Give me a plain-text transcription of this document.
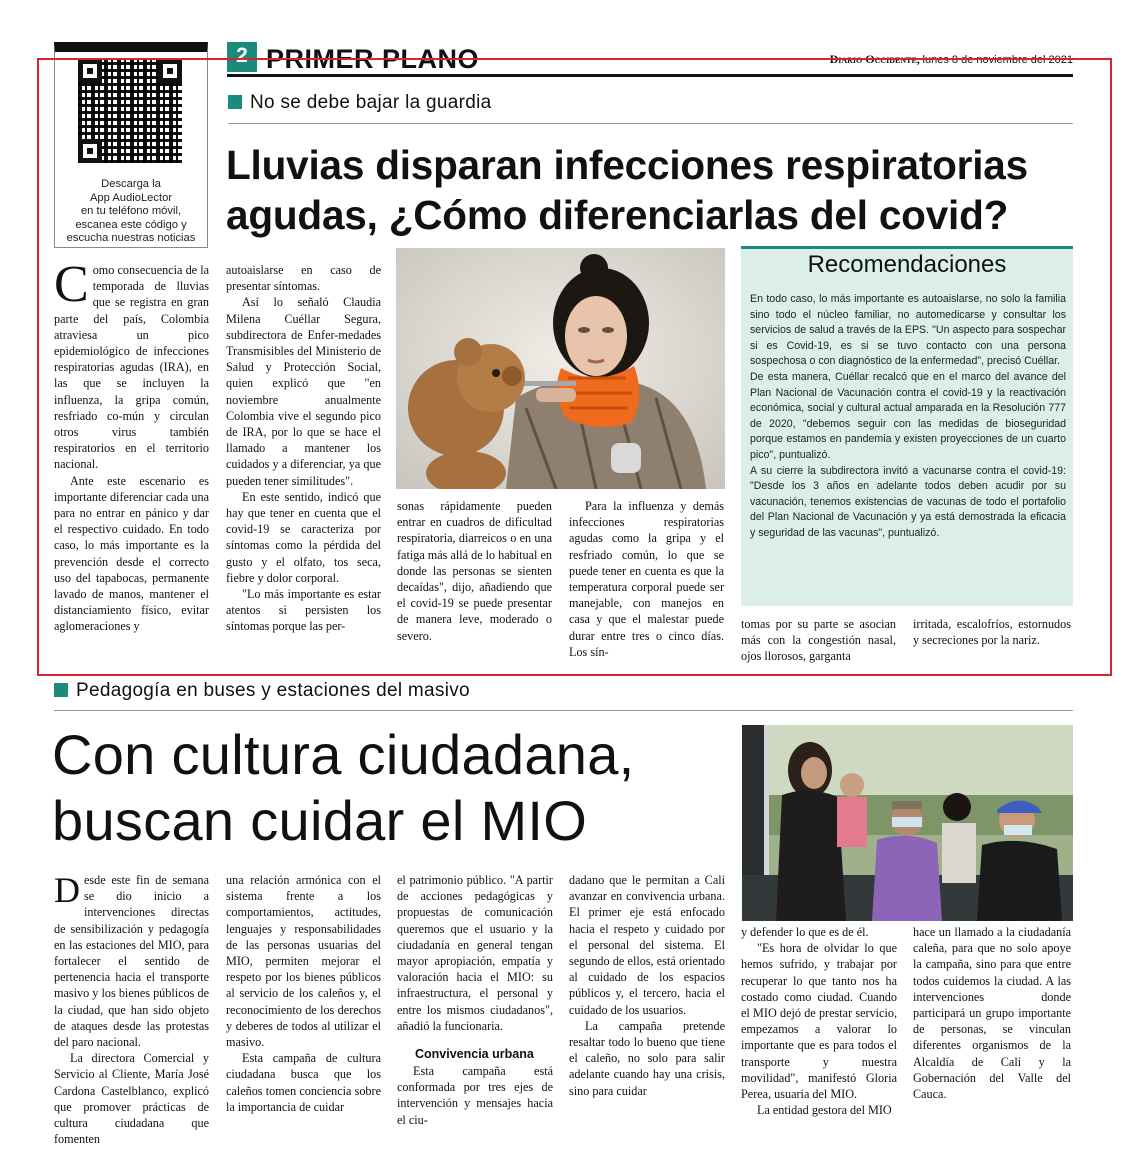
Descarga la
App AudioLector
en tu teléfono móvil,
escanea este código y
escucha nuestras noticias
2 PRIMER PLANO	Diario Occidente, lunes 8 de noviembre del 2021
No se debe bajar la guardia
Lluvias disparan infecciones respiratorias
agudas, ¿Cómo diferenciarlas del covid?

Como consecuencia de la temporada de lluvias que se registra en gran parte del país, Colombia atraviesa un pico epidemiológico de infecciones respiratorias agudas (IRA), en las que se incluyen la influenza, la gripa común, resfriado co-mún y circulan otros virus también respiratorios en el territorio nacional.

Ante este escenario es importante diferenciar cada una para no entrar en pánico y dar el respectivo cuidado. En todo caso, lo más importante es la prevención desde el correcto uso del tapabocas, permanente lavado de manos, mantener el distanciamiento físico, evitar aglomeraciones y

autoaislarse en caso de presentar síntomas.

Así lo señaló Claudia Milena Cuéllar Segura, subdirectora de Enfer-medades Transmisibles del Ministerio de Salud y Protección Social, quien explicó que "en noviembre anualmente Colombia vive el segundo pico de IRA, por lo que se hace el llamado a mantener los cuidados y a diferenciar, ya que pueden tener similitudes".

En este sentido, indicó que hay que tener en cuenta que el covid-19 se caracteriza por síntomas como la pérdida del gusto y el olfato, tos seca, fiebre y dolor corporal.

"Lo más importante es estar atentos si persisten los síntomas porque las per-

sonas rápidamente pueden entrar en cuadros de dificultad respiratoria, diarreicos o en una fatiga más allá de lo habitual en donde las personas se sienten decaídas", dijo, añadiendo que el covid-19 se puede presentar de manera leve, moderado o severo.

Para la influenza y demás infecciones respiratorias agudas como la gripa y el resfriado común, lo que se puede tener en cuenta es que la temperatura corporal puede ser manejable, con manejos en casa y que el malestar puede durar entre tres o cinco días. Los sín-

tomas por su parte se asocian más con la congestión nasal, ojos llorosos, garganta

irritada, escalofríos, estornudos y secreciones por la nariz.

Recomendaciones

En todo caso, lo más importante es autoaislarse, no solo la familia sino todo el núcleo familiar, no automedicarse y consultar los servicios de salud a través de la EPS. "Un aspecto para sospechar si es Covid-19, es si se tuvo contacto con una persona sospechosa o con diagnóstico de la enfermedad", precisó Cuéllar.

De esta manera, Cuéllar recalcó que en el marco del avance del Plan Nacional de Vacunación contra el covid-19 y la reactivación económica, social y cultural actual amparada en la Resolución 777 de 2020, "debemos seguir con las medidas de bioseguridad porque estamos en pandemia y existen proyecciones de un cuarto pico", puntualizó.

A su cierre la subdirectora invitó a vacunarse contra el covid-19: "Desde los 3 años en adelante todos deben acudir por su vacunación, tenemos existencias de vacunas de todo el portafolio del Plan Nacional de Vacunación y ya está demostrada la eficacia y seguridad de las vacunas", puntualizó.

Pedagogía en buses y estaciones del masivo
Con cultura ciudadana,
buscan cuidar el MIO

Desde este fin de semana se dio inicio a intervenciones directas de sensibilización y pedagogía en las estaciones del MIO, para fortalecer el sentido de pertenencia hacia el transporte masivo y los bienes públicos de la ciudad, que han sido objeto de ataques desde las protestas del paro nacional.

La directora Comercial y Servicio al Cliente, María José Cardona Castelblanco, explicó que promover prácticas de cultura ciudadana que fomenten

una relación armónica con el sistema frente a los comportamientos, actitudes, lenguajes y responsabilidades de las personas usuarias del MIO, permiten mejorar el respeto por los bienes públicos al servicio de los caleños y, el reconocimiento de los derechos y deberes de todos al utilizar el masivo.

Esta campaña de cultura ciudadana busca que los caleños tomen conciencia sobre la importancia de cuidar

el patrimonio público. "A partir de acciones pedagógicas y propuestas de comunicación queremos que el usuario y la ciudadanía en general tengan mayor apropiación, empatía y valoración hacia el MIO: su infraestructura, el personal y entre los mismos ciudadanos", añadió la funcionaria.

Convivencia urbana

Esta campaña está conformada por tres ejes de intervención y mensajes hacia el ciu-

dadano que le permitan a Cali avanzar en convivencia urbana. El primer eje está enfocado hacia el respeto y cuidado por el personal del sistema. El segundo de ellos, está orientado al cuidado de los espacios públicos y, el tercero, hacia el cuidado de los usuarios.

La campaña pretende resaltar todo lo bueno que tiene el caleño, no solo para salir adelante cuando hay una crisis, sino para cuidar

y defender lo que es de él.

"Es hora de olvidar lo que hemos sufrido, y trabajar por recuperar lo que tanto nos ha costado como ciudad. Cuando el MIO dejó de prestar servicio, empezamos a valorar lo importante que es para todos el transporte y nuestra movilidad", manifestó Gloria Perea, usuaria del MIO.

La entidad gestora del MIO

hace un llamado a la ciudadanía caleña, para que no solo apoye la campaña, sino para que entre todos cuidemos la ciudad. A las intervenciones donde participará un grupo importante de personas, se vinculan diferentes organismos de la Alcaldía de Cali y la Gobernación del Valle del Cauca.
